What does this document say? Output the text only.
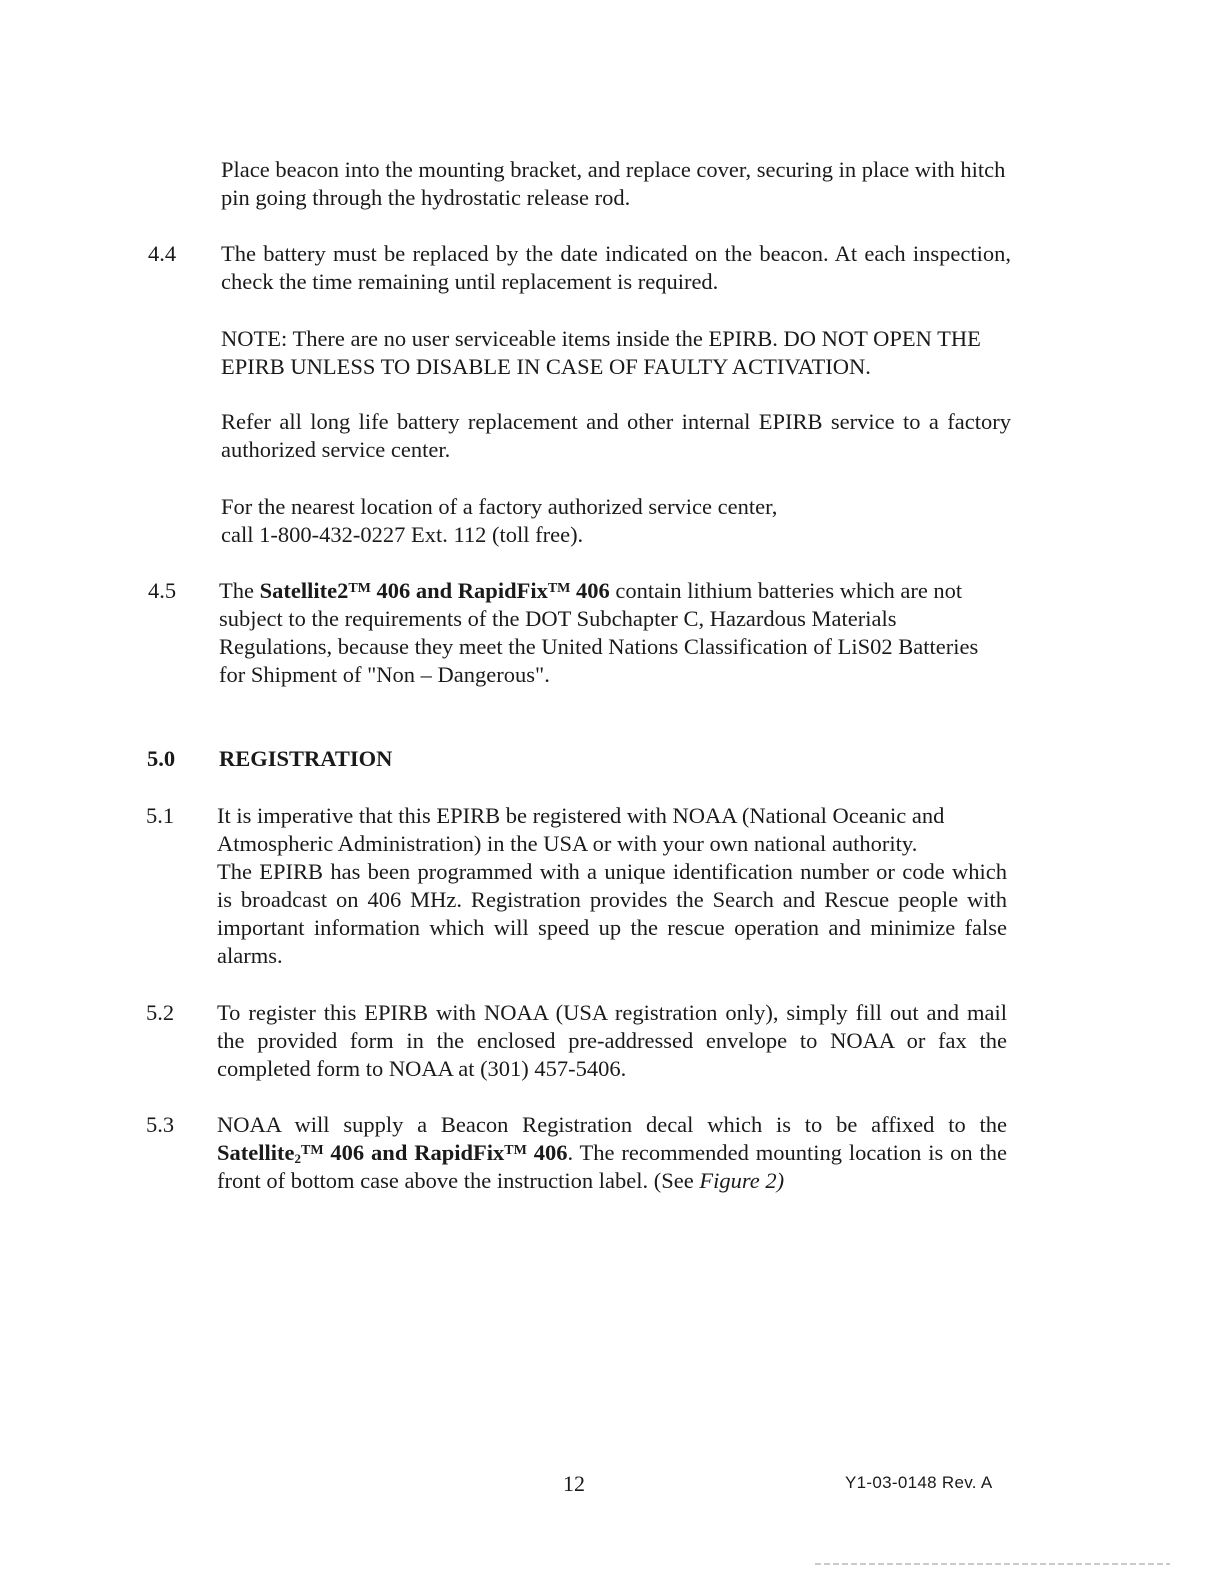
Place beacon into the mounting bracket, and replace cover, securing in place with hitch pin going through the hydrostatic release rod.

4.4 The battery must be replaced by the date indicated on the beacon. At each inspection, check the time remaining until replacement is required.

NOTE: There are no user serviceable items inside the EPIRB. DO NOT OPEN THE EPIRB UNLESS TO DISABLE IN CASE OF FAULTY ACTIVATION.

Refer all long life battery replacement and other internal EPIRB service to a factory authorized service center.

For the nearest location of a factory authorized service center,

call 1-800-432-0227 Ext. 112 (toll free).

4.5 The Satellite2™ 406 and RapidFix™ 406 contain lithium batteries which are not subject to the requirements of the DOT Subchapter C, Hazardous Materials Regulations, because they meet the United Nations Classification of LiS02 Batteries for Shipment of "Non – Dangerous".

5.0 REGISTRATION
5.1 It is imperative that this EPIRB be registered with NOAA (National Oceanic and Atmospheric Administration) in the USA or with your own national authority.

The EPIRB has been programmed with a unique identification number or code which is broadcast on 406 MHz. Registration provides the Search and Rescue people with important information which will speed up the rescue operation and minimize false alarms.

5.2 To register this EPIRB with NOAA (USA registration only), simply fill out and mail the provided form in the enclosed pre-addressed envelope to NOAA or fax the completed form to NOAA at (301) 457-5406.

5.3 NOAA will supply a Beacon Registration decal which is to be affixed to the Satellite$_2$™ 406 and RapidFix™ 406. The recommended mounting location is on the front of bottom case above the instruction label. (See Figure 2)

12	Y1-03-0148 Rev. A
